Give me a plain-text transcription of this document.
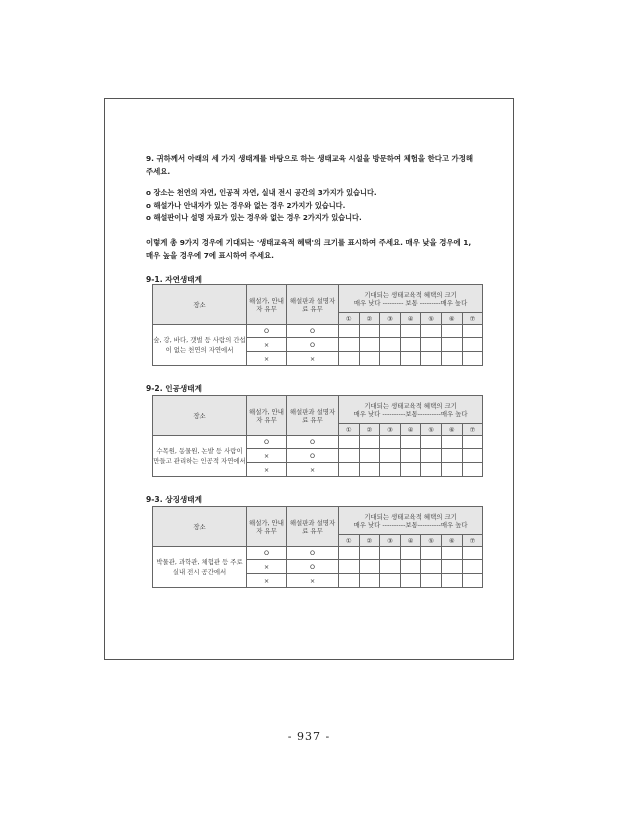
9. 귀하께서 아래의 세 가지 생태계를 바탕으로 하는 생태교육 시설을 방문하여 체험을 한다고 가정해 주세요.
o 장소는 천연의 자연, 인공적 자연, 실내 전시 공간의 3가지가 있습니다.
o 해설가나 안내자가 있는 경우와 없는 경우 2가지가 있습니다.
o 해설판이나 설명 자료가 있는 경우와 없는 경우 2가지가 있습니다.
이렇게 총 9가지 경우에 기대되는 '생태교육적 혜택'의 크기를 표시하여 주세요. 매우 낮을 경우에 1, 매우 높을 경우에 7에 표시하여 주세요.
9-1. 자연생태계
장소	해설가, 안내자 유무	해설판과 설명자료 유무	기대되는 생태교육적 혜택의 크기
매우 낮다 --------- 보통 ---------매우 높다						

			①	②	③	④	⑤	⑥	⑦
숲, 강, 바다, 갯벌 등 사람의 간섭이 없는 천연의 자연에서	O	O							
	×	O							
	×	×							
9-2. 인공생태계
장소	해설가, 안내자 유무	해설판과 설명자료 유무	기대되는 생태교육적 혜택의 크기
매우 낮다 ----------보통----------매우 높다						

			①	②	③	④	⑤	⑥	⑦
수목원, 동물원, 논밭 등 사람이 만들고 관리하는 인공적 자연에서	O	O							
	×	O							
	×	×							
9-3. 상징생태계
장소	해설가, 안내자 유무	해설판과 설명자료 유무	기대되는 생태교육적 혜택의 크기
매우 낮다 ----------보통----------매우 높다						

			①	②	③	④	⑤	⑥	⑦
박물관, 과학관, 체험관 등 주로 실내 전시 공간에서	O	O							
	×	O							
	×	×							
- 937 -
